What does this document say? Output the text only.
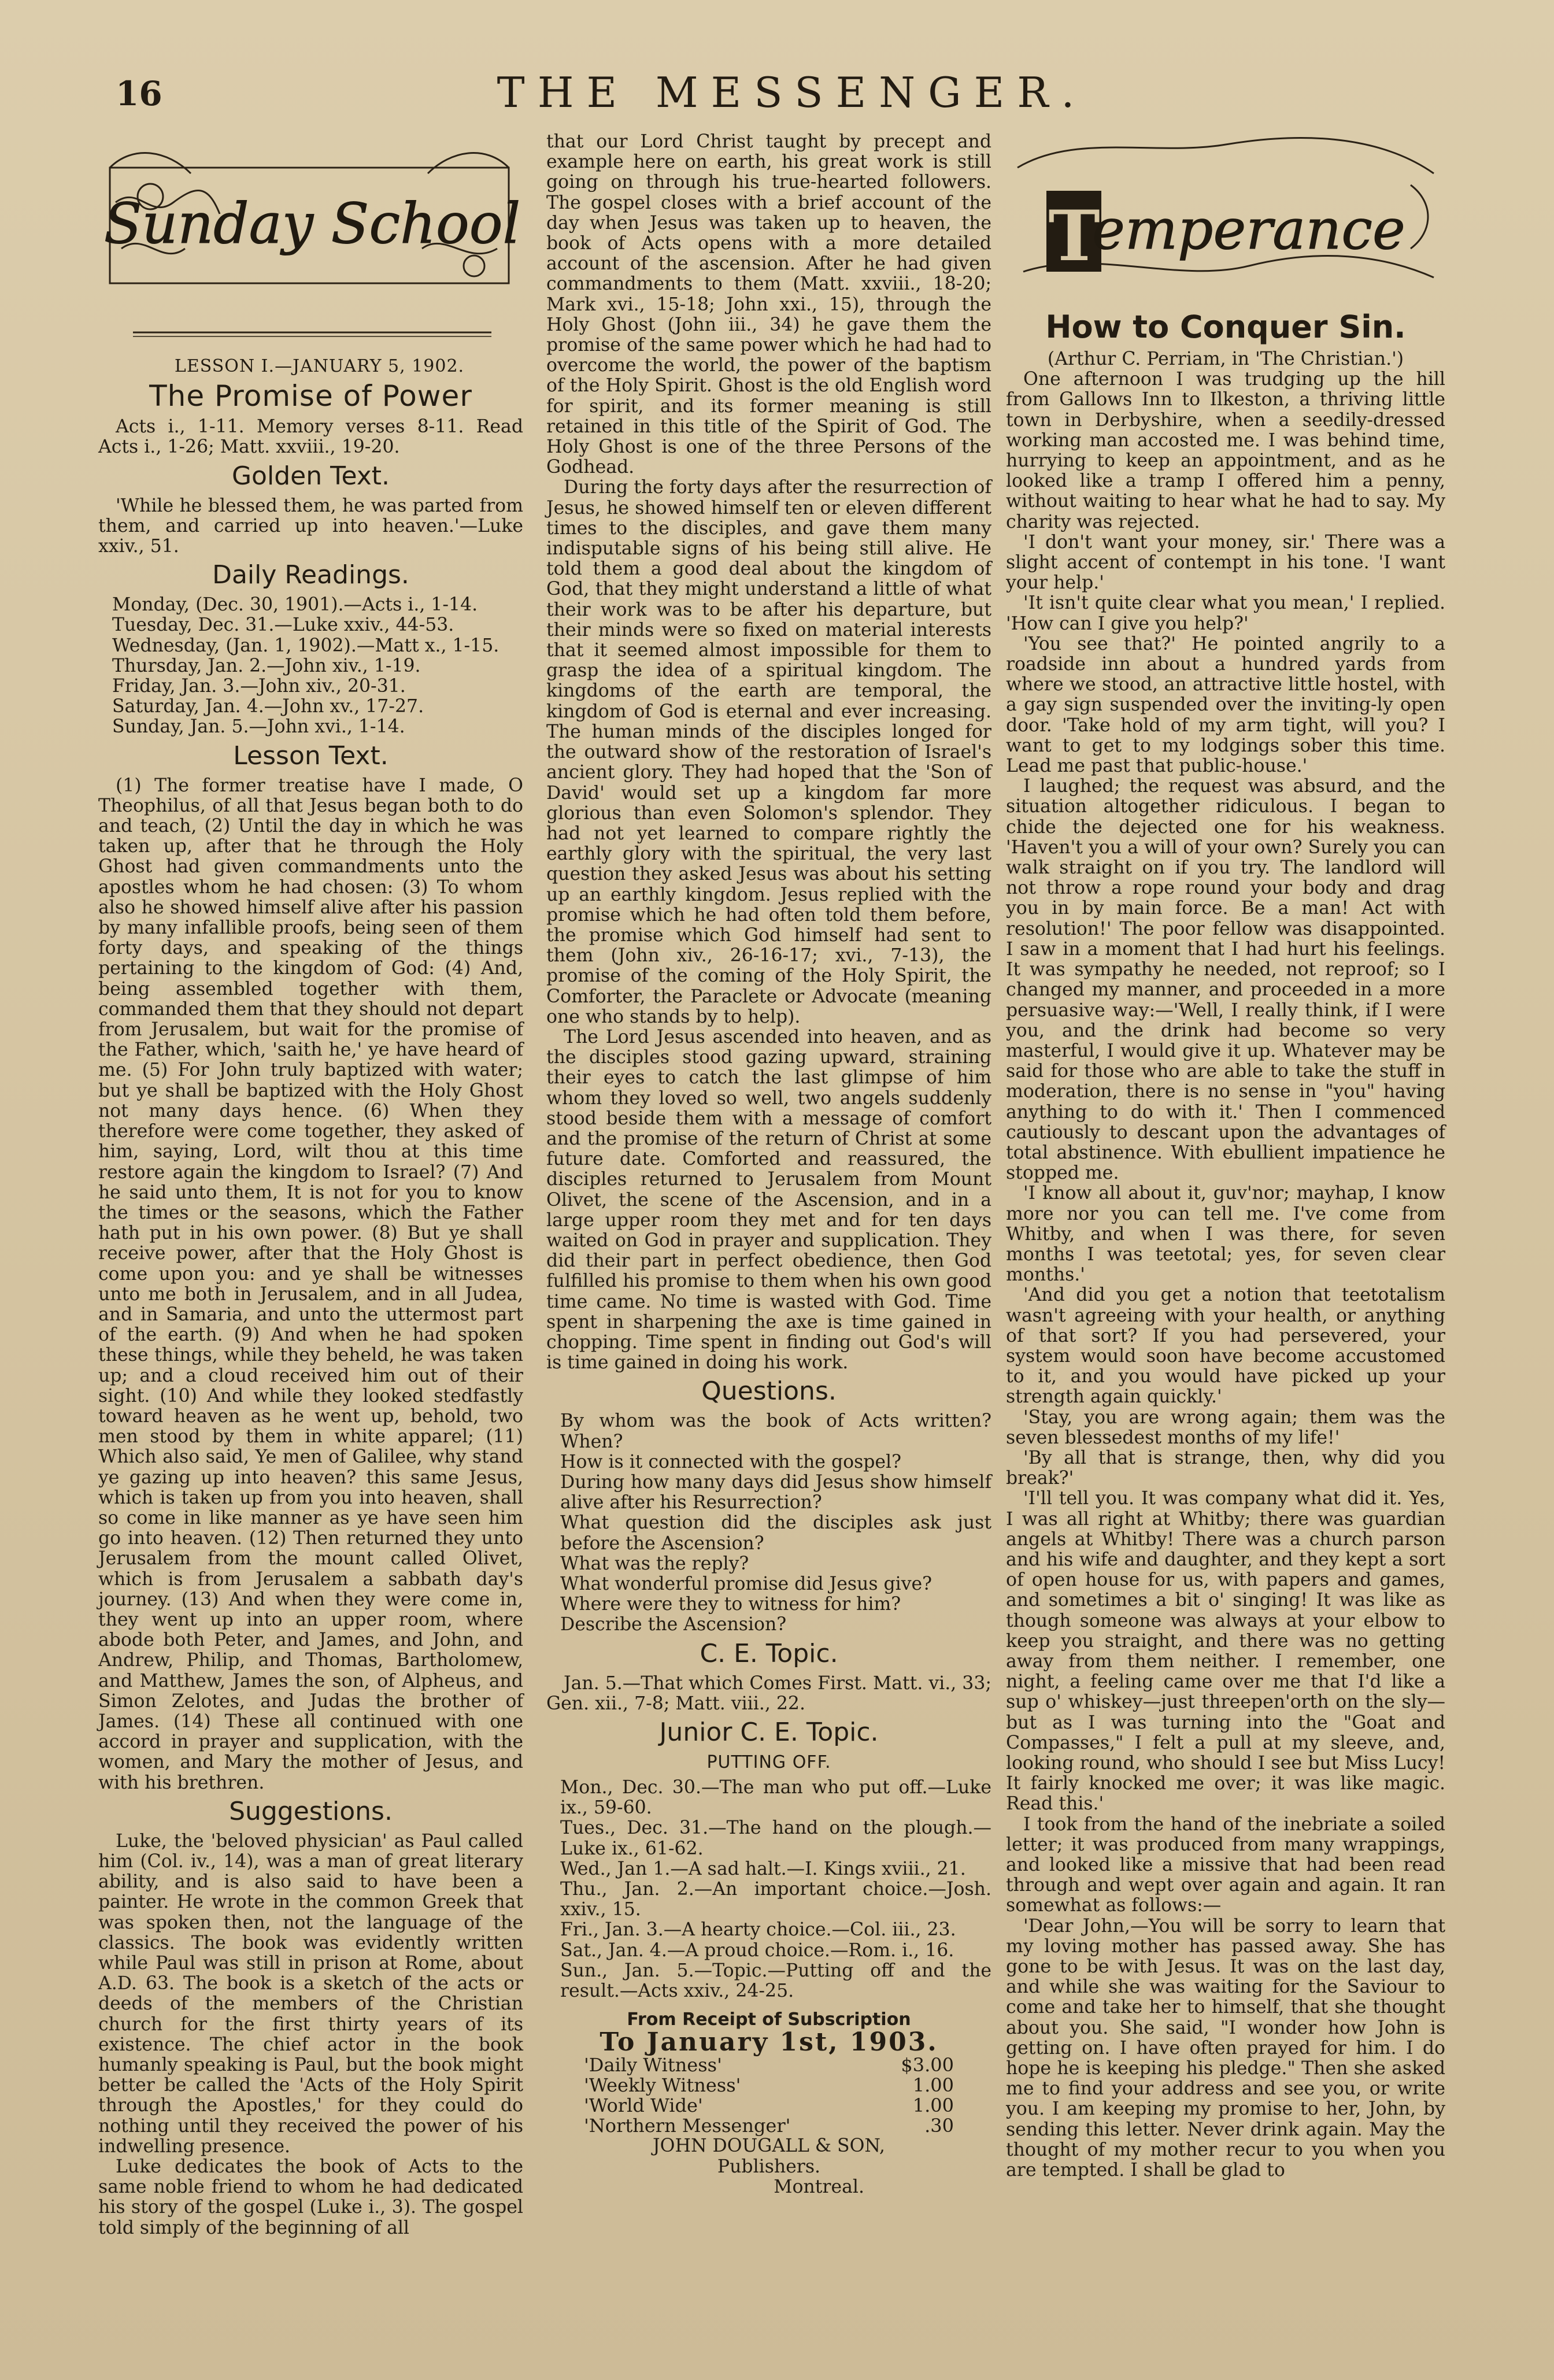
16	THE MESSENGER.
Sunday School

LESSON I.—JANUARY 5, 1902.

The Promise of Power

Acts i., 1-11. Memory verses 8-11. Read Acts i., 1-26; Matt. xxviii., 19-20.

Golden Text.

'While he blessed them, he was parted from them, and carried up into heaven.'—Luke xxiv., 51.

Daily Readings.

Monday, (Dec. 30, 1901).—Acts i., 1-14.

Tuesday, Dec. 31.—Luke xxiv., 44-53.

Wednesday, (Jan. 1, 1902).—Matt x., 1-15.

Thursday, Jan. 2.—John xiv., 1-19.

Friday, Jan. 3.—John xiv., 20-31.

Saturday, Jan. 4.—John xv., 17-27.

Sunday, Jan. 5.—John xvi., 1-14.

Lesson Text.

(1) The former treatise have I made, O Theophilus, of all that Jesus began both to do and teach, (2) Until the day in which he was taken up, after that he through the Holy Ghost had given commandments unto the apostles whom he had chosen: (3) To whom also he showed himself alive after his passion by many infallible proofs, being seen of them forty days, and speaking of the things pertaining to the kingdom of God: (4) And, being assembled together with them, commanded them that they should not depart from Jerusalem, but wait for the promise of the Father, which, 'saith he,' ye have heard of me. (5) For John truly baptized with water; but ye shall be baptized with the Holy Ghost not many days hence. (6) When they therefore were come together, they asked of him, saying, Lord, wilt thou at this time restore again the kingdom to Israel? (7) And he said unto them, It is not for you to know the times or the seasons, which the Father hath put in his own power. (8) But ye shall receive power, after that the Holy Ghost is come upon you: and ye shall be witnesses unto me both in Jerusalem, and in all Judea, and in Samaria, and unto the uttermost part of the earth. (9) And when he had spoken these things, while they beheld, he was taken up; and a cloud received him out of their sight. (10) And while they looked stedfastly toward heaven as he went up, behold, two men stood by them in white apparel; (11) Which also said, Ye men of Galilee, why stand ye gazing up into heaven? this same Jesus, which is taken up from you into heaven, shall so come in like manner as ye have seen him go into heaven. (12) Then returned they unto Jerusalem from the mount called Olivet, which is from Jerusalem a sabbath day's journey. (13) And when they were come in, they went up into an upper room, where abode both Peter, and James, and John, and Andrew, Philip, and Thomas, Bartholomew, and Matthew, James the son, of Alpheus, and Simon Zelotes, and Judas the brother of James. (14) These all continued with one accord in prayer and supplication, with the women, and Mary the mother of Jesus, and with his brethren.

Suggestions.

Luke, the 'beloved physician' as Paul called him (Col. iv., 14), was a man of great literary ability, and is also said to have been a painter. He wrote in the common Greek that was spoken then, not the language of the classics. The book was evidently written while Paul was still in prison at Rome, about A.D. 63. The book is a sketch of the acts or deeds of the members of the Christian church for the first thirty years of its existence. The chief actor in the book humanly speaking is Paul, but the book might better be called the 'Acts of the Holy Spirit through the Apostles,' for they could do nothing until they received the power of his indwelling presence.

Luke dedicates the book of Acts to the same noble friend to whom he had dedicated his story of the gospel (Luke i., 3). The gospel told simply of the beginning of all

that our Lord Christ taught by precept and example here on earth, his great work is still going on through his true-hearted followers. The gospel closes with a brief account of the day when Jesus was taken up to heaven, the book of Acts opens with a more detailed account of the ascension. After he had given commandments to them (Matt. xxviii., 18-20; Mark xvi., 15-18; John xxi., 15), through the Holy Ghost (John iii., 34) he gave them the promise of the same power which he had had to overcome the world, the power of the baptism of the Holy Spirit. Ghost is the old English word for spirit, and its former meaning is still retained in this title of the Spirit of God. The Holy Ghost is one of the three Persons of the Godhead.

During the forty days after the resurrection of Jesus, he showed himself ten or eleven different times to the disciples, and gave them many indisputable signs of his being still alive. He told them a good deal about the kingdom of God, that they might understand a little of what their work was to be after his departure, but their minds were so fixed on material interests that it seemed almost impossible for them to grasp the idea of a spiritual kingdom. The kingdoms of the earth are temporal, the kingdom of God is eternal and ever increasing. The human minds of the disciples longed for the outward show of the restoration of Israel's ancient glory. They had hoped that the 'Son of David' would set up a kingdom far more glorious than even Solomon's splendor. They had not yet learned to compare rightly the earthly glory with the spiritual, the very last question they asked Jesus was about his setting up an earthly kingdom. Jesus replied with the promise which he had often told them before, the promise which God himself had sent to them (John xiv., 26-16-17; xvi., 7-13), the promise of the coming of the Holy Spirit, the Comforter, the Paraclete or Advocate (meaning one who stands by to help).

The Lord Jesus ascended into heaven, and as the disciples stood gazing upward, straining their eyes to catch the last glimpse of him whom they loved so well, two angels suddenly stood beside them with a message of comfort and the promise of the return of Christ at some future date. Comforted and reassured, the disciples returned to Jerusalem from Mount Olivet, the scene of the Ascension, and in a large upper room they met and for ten days waited on God in prayer and supplication. They did their part in perfect obedience, then God fulfilled his promise to them when his own good time came. No time is wasted with God. Time spent in sharpening the axe is time gained in chopping. Time spent in finding out God's will is time gained in doing his work.

Questions.

By whom was the book of Acts written? When?

How is it connected with the gospel?

During how many days did Jesus show himself alive after his Resurrection?

What question did the disciples ask just before the Ascension?

What was the reply?

What wonderful promise did Jesus give?

Where were they to witness for him?

Describe the Ascension?

C. E. Topic.

Jan. 5.—That which Comes First. Matt. vi., 33; Gen. xii., 7-8; Matt. viii., 22.

Junior C. E. Topic.
PUTTING OFF.

Mon., Dec. 30.—The man who put off.—Luke ix., 59-60.

Tues., Dec. 31.—The hand on the plough.—Luke ix., 61-62.

Wed., Jan 1.—A sad halt.—I. Kings xviii., 21.

Thu., Jan. 2.—An important choice.—Josh. xxiv., 15.

Fri., Jan. 3.—A hearty choice.—Col. iii., 23.

Sat., Jan. 4.—A proud choice.—Rom. i., 16.

Sun., Jan. 5.—Topic.—Putting off and the result.—Acts xxiv., 24-25.

From Receipt of Subscription
To January 1st, 1903.
'Daily Witness'	$3.00
'Weekly Witness'	1.00
'World Wide'	1.00
'Northern Messenger'	.30
JOHN DOUGALL & SON,
Publishers.
Montreal.
T
emperance
How to Conquer Sin.

(Arthur C. Perriam, in 'The Christian.')

One afternoon I was trudging up the hill from Gallows Inn to Ilkeston, a thriving little town in Derbyshire, when a seedily-dressed working man accosted me. I was behind time, hurrying to keep an appointment, and as he looked like a tramp I offered him a penny, without waiting to hear what he had to say. My charity was rejected.

'I don't want your money, sir.' There was a slight accent of contempt in his tone. 'I want your help.'

'It isn't quite clear what you mean,' I replied. 'How can I give you help?'

'You see that?' He pointed angrily to a roadside inn about a hundred yards from where we stood, an attractive little hostel, with a gay sign suspended over the inviting-ly open door. 'Take hold of my arm tight, will you? I want to get to my lodgings sober this time. Lead me past that public-house.'

I laughed; the request was absurd, and the situation altogether ridiculous. I began to chide the dejected one for his weakness. 'Haven't you a will of your own? Surely you can walk straight on if you try. The landlord will not throw a rope round your body and drag you in by main force. Be a man! Act with resolution!' The poor fellow was disappointed. I saw in a moment that I had hurt his feelings. It was sympathy he needed, not reproof; so I changed my manner, and proceeded in a more persuasive way:—'Well, I really think, if I were you, and the drink had become so very masterful, I would give it up. Whatever may be said for those who are able to take the stuff in moderation, there is no sense in "you" having anything to do with it.' Then I commenced cautiously to descant upon the advantages of total abstinence. With ebullient impatience he stopped me.

'I know all about it, guv'nor; mayhap, I know more nor you can tell me. I've come from Whitby, and when I was there, for seven months I was teetotal; yes, for seven clear months.'

'And did you get a notion that teetotalism wasn't agreeing with your health, or anything of that sort? If you had persevered, your system would soon have become accustomed to it, and you would have picked up your strength again quickly.'

'Stay, you are wrong again; them was the seven blessedest months of my life!'

'By all that is strange, then, why did you break?'

'I'll tell you. It was company what did it. Yes, I was all right at Whitby; there was guardian angels at Whitby! There was a church parson and his wife and daughter, and they kept a sort of open house for us, with papers and games, and sometimes a bit o' singing! It was like as though someone was always at your elbow to keep you straight, and there was no getting away from them neither. I remember, one night, a feeling came over me that I'd like a sup o' whiskey—just threepen'orth on the sly—but as I was turning into the "Goat and Compasses," I felt a pull at my sleeve, and, looking round, who should I see but Miss Lucy! It fairly knocked me over; it was like magic. Read this.'

I took from the hand of the inebriate a soiled letter; it was produced from many wrappings, and looked like a missive that had been read through and wept over again and again. It ran somewhat as follows:—

'Dear John,—You will be sorry to learn that my loving mother has passed away. She has gone to be with Jesus. It was on the last day, and while she was waiting for the Saviour to come and take her to himself, that she thought about you. She said, "I wonder how John is getting on. I have often prayed for him. I do hope he is keeping his pledge." Then she asked me to find your address and see you, or write you. I am keeping my promise to her, John, by sending this letter. Never drink again. May the thought of my mother recur to you when you are tempted. I shall be glad to
